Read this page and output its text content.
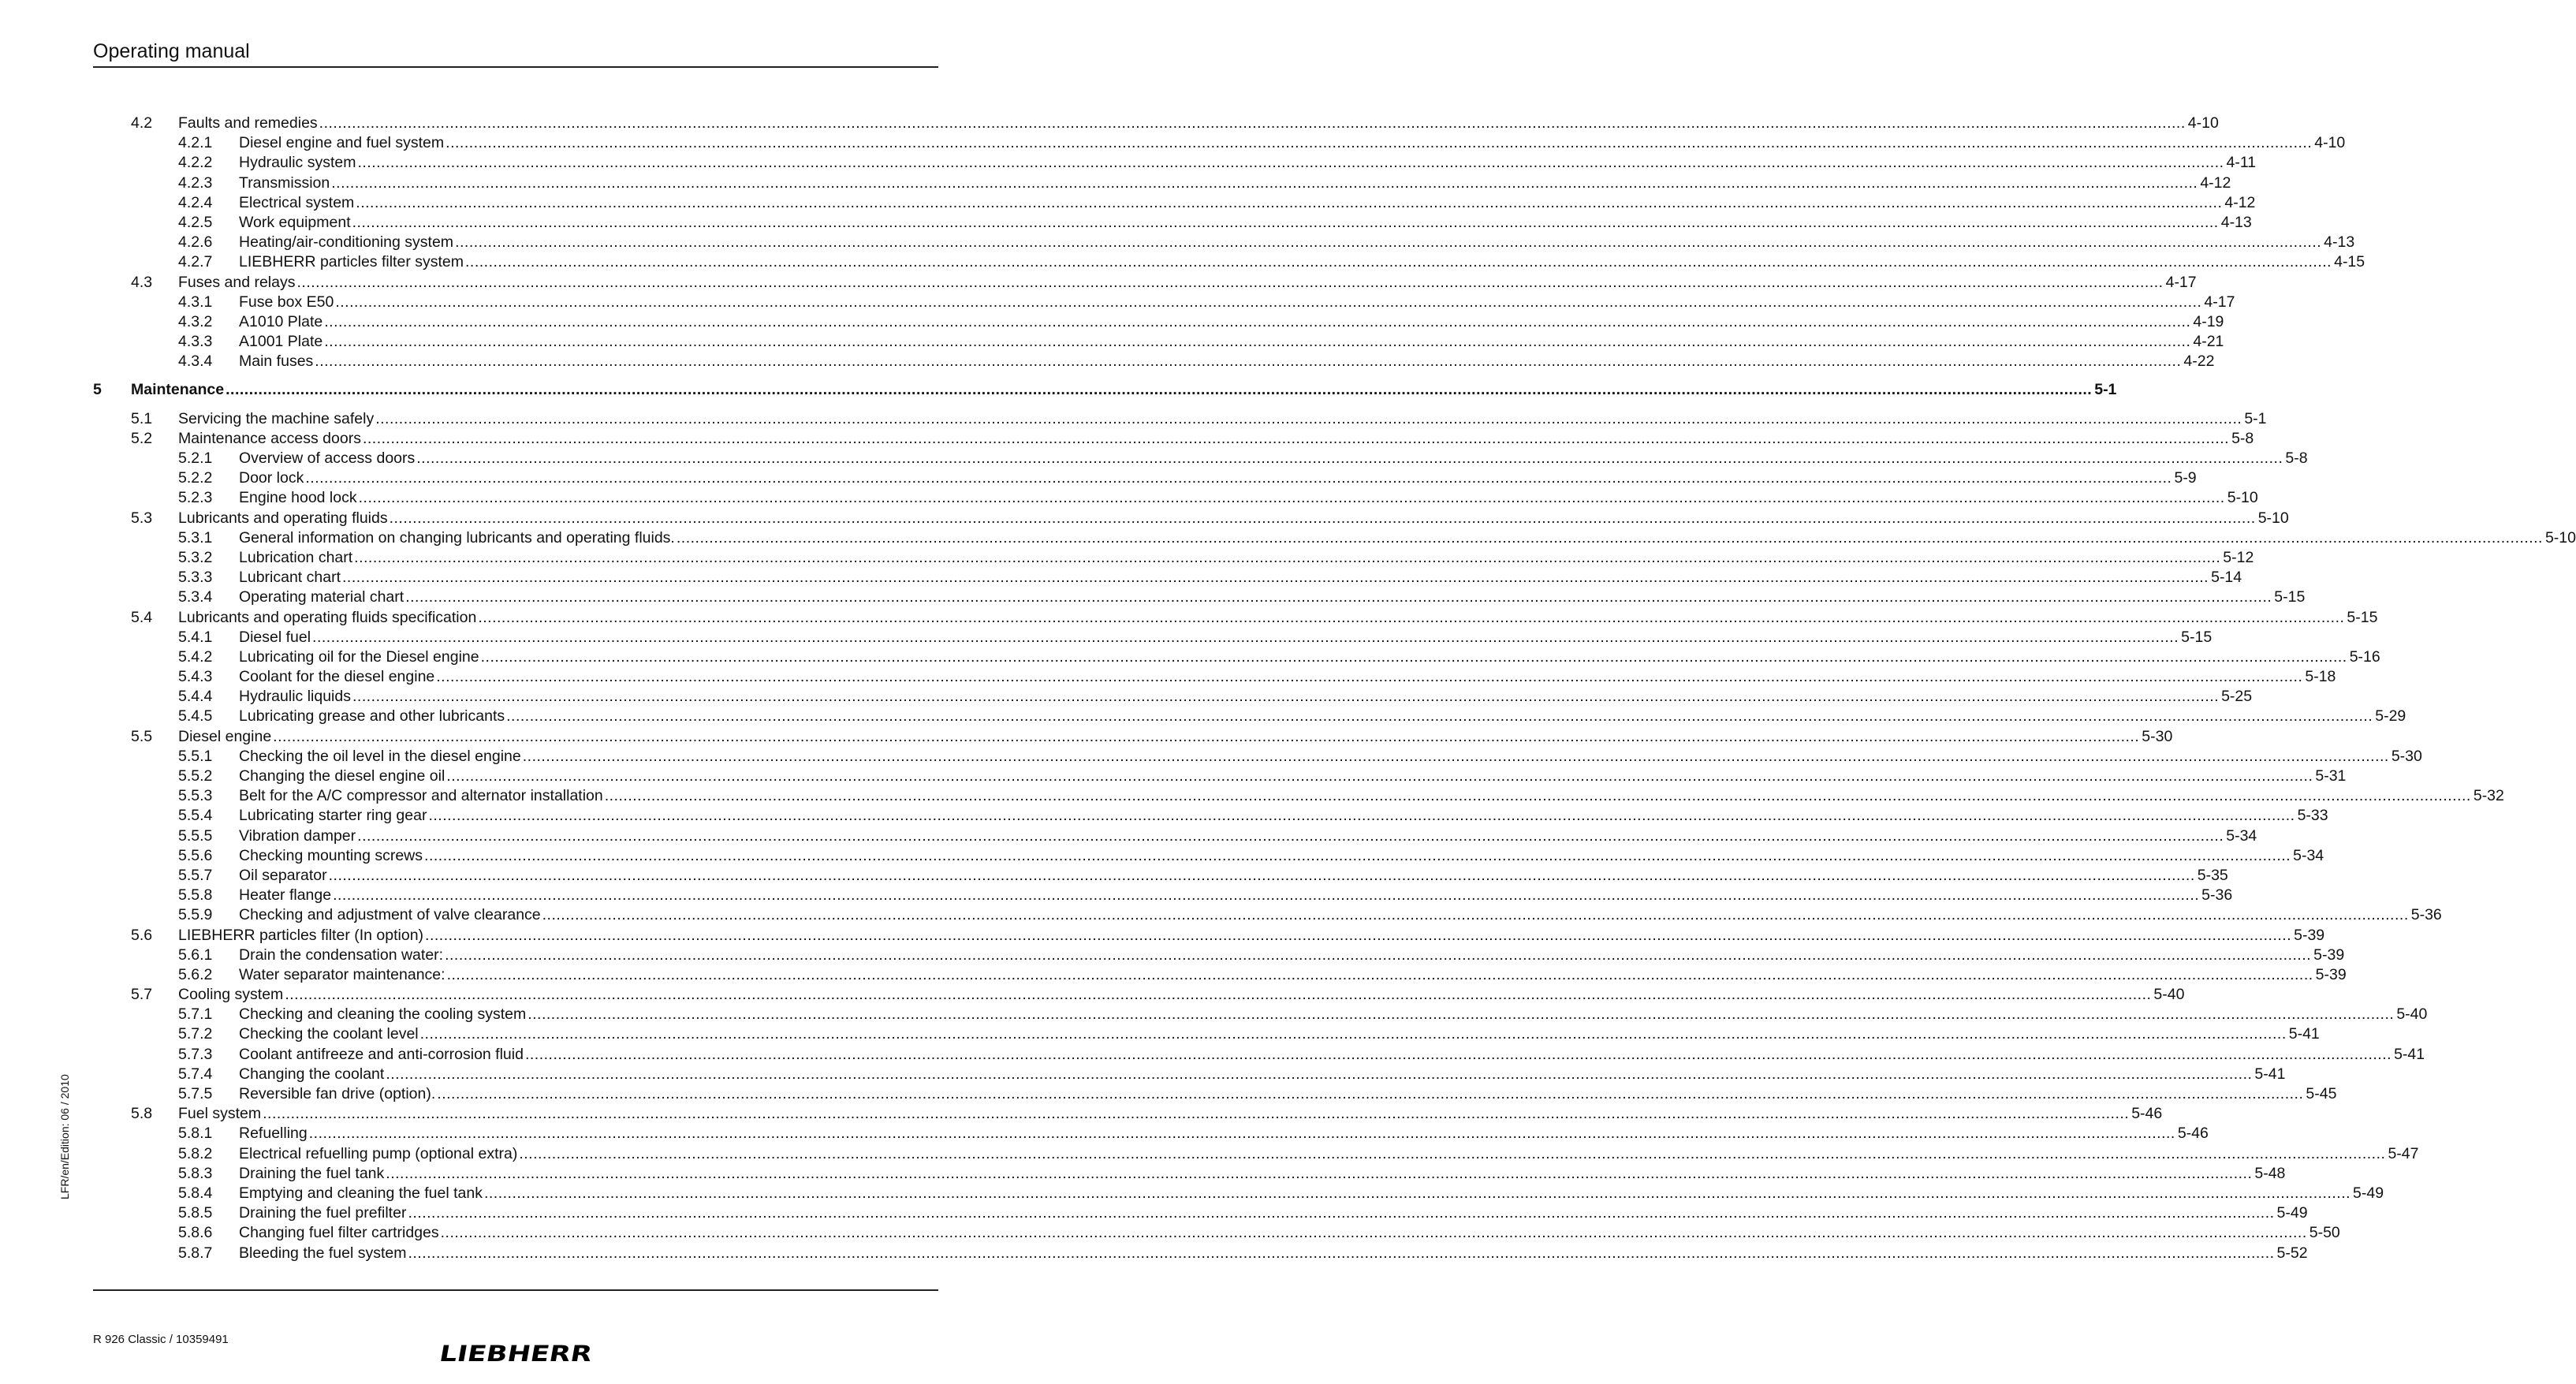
Operating manual
4.2 Faults and remedies ................................................................................................................................................................................................................................................................................................................................................................................................................ 4-10
4.2.1 Diesel engine and fuel system ................................................................................................................................................................................................................................................................................................................................................................................................................ 4-10
4.2.2 Hydraulic system ................................................................................................................................................................................................................................................................................................................................................................................................................ 4-11
4.2.3 Transmission ................................................................................................................................................................................................................................................................................................................................................................................................................ 4-12
4.2.4 Electrical system ................................................................................................................................................................................................................................................................................................................................................................................................................ 4-12
4.2.5 Work equipment ................................................................................................................................................................................................................................................................................................................................................................................................................ 4-13
4.2.6 Heating/air-conditioning system ................................................................................................................................................................................................................................................................................................................................................................................................................ 4-13
4.2.7 LIEBHERR particles filter system ................................................................................................................................................................................................................................................................................................................................................................................................................ 4-15
4.3 Fuses and relays ................................................................................................................................................................................................................................................................................................................................................................................................................ 4-17
4.3.1 Fuse box E50 ................................................................................................................................................................................................................................................................................................................................................................................................................ 4-17
4.3.2 A1010 Plate ................................................................................................................................................................................................................................................................................................................................................................................................................ 4-19
4.3.3 A1001 Plate ................................................................................................................................................................................................................................................................................................................................................................................................................ 4-21
4.3.4 Main fuses ................................................................................................................................................................................................................................................................................................................................................................................................................ 4-22
5 Maintenance ................................................................................................................................................................................................................................................................................................................................................................................................................ 5-1
5.1 Servicing the machine safely ................................................................................................................................................................................................................................................................................................................................................................................................................ 5-1
5.2 Maintenance access doors ................................................................................................................................................................................................................................................................................................................................................................................................................ 5-8
5.2.1 Overview of access doors ................................................................................................................................................................................................................................................................................................................................................................................................................ 5-8
5.2.2 Door lock ................................................................................................................................................................................................................................................................................................................................................................................................................ 5-9
5.2.3 Engine hood lock ................................................................................................................................................................................................................................................................................................................................................................................................................ 5-10
5.3 Lubricants and operating fluids ................................................................................................................................................................................................................................................................................................................................................................................................................ 5-10
5.3.1 General information on changing lubricants and operating fluids. ................................................................................................................................................................................................................................................................................................................................................................................................................ 5-10
5.3.2 Lubrication chart ................................................................................................................................................................................................................................................................................................................................................................................................................ 5-12
5.3.3 Lubricant chart ................................................................................................................................................................................................................................................................................................................................................................................................................ 5-14
5.3.4 Operating material chart ................................................................................................................................................................................................................................................................................................................................................................................................................ 5-15
5.4 Lubricants and operating fluids specification ................................................................................................................................................................................................................................................................................................................................................................................................................ 5-15
5.4.1 Diesel fuel ................................................................................................................................................................................................................................................................................................................................................................................................................ 5-15
5.4.2 Lubricating oil for the Diesel engine ................................................................................................................................................................................................................................................................................................................................................................................................................ 5-16
5.4.3 Coolant for the diesel engine ................................................................................................................................................................................................................................................................................................................................................................................................................ 5-18
5.4.4 Hydraulic liquids ................................................................................................................................................................................................................................................................................................................................................................................................................ 5-25
5.4.5 Lubricating grease and other lubricants ................................................................................................................................................................................................................................................................................................................................................................................................................ 5-29
5.5 Diesel engine ................................................................................................................................................................................................................................................................................................................................................................................................................ 5-30
5.5.1 Checking the oil level in the diesel engine ................................................................................................................................................................................................................................................................................................................................................................................................................ 5-30
5.5.2 Changing the diesel engine oil ................................................................................................................................................................................................................................................................................................................................................................................................................ 5-31
5.5.3 Belt for the A/C compressor and alternator installation ................................................................................................................................................................................................................................................................................................................................................................................................................ 5-32
5.5.4 Lubricating starter ring gear ................................................................................................................................................................................................................................................................................................................................................................................................................ 5-33
5.5.5 Vibration damper ................................................................................................................................................................................................................................................................................................................................................................................................................ 5-34
5.5.6 Checking mounting screws ................................................................................................................................................................................................................................................................................................................................................................................................................ 5-34
5.5.7 Oil separator ................................................................................................................................................................................................................................................................................................................................................................................................................ 5-35
5.5.8 Heater flange ................................................................................................................................................................................................................................................................................................................................................................................................................ 5-36
5.5.9 Checking and adjustment of valve clearance ................................................................................................................................................................................................................................................................................................................................................................................................................ 5-36
5.6 LIEBHERR particles filter (In option) ................................................................................................................................................................................................................................................................................................................................................................................................................ 5-39
5.6.1 Drain the condensation water: ................................................................................................................................................................................................................................................................................................................................................................................................................ 5-39
5.6.2 Water separator maintenance: ................................................................................................................................................................................................................................................................................................................................................................................................................ 5-39
5.7 Cooling system ................................................................................................................................................................................................................................................................................................................................................................................................................ 5-40
5.7.1 Checking and cleaning the cooling system ................................................................................................................................................................................................................................................................................................................................................................................................................ 5-40
5.7.2 Checking the coolant level ................................................................................................................................................................................................................................................................................................................................................................................................................ 5-41
5.7.3 Coolant antifreeze and anti-corrosion fluid ................................................................................................................................................................................................................................................................................................................................................................................................................ 5-41
5.7.4 Changing the coolant ................................................................................................................................................................................................................................................................................................................................................................................................................ 5-41
5.7.5 Reversible fan drive (option). ................................................................................................................................................................................................................................................................................................................................................................................................................ 5-45
5.8 Fuel system ................................................................................................................................................................................................................................................................................................................................................................................................................ 5-46
5.8.1 Refuelling ................................................................................................................................................................................................................................................................................................................................................................................................................ 5-46
5.8.2 Electrical refuelling pump (optional extra) ................................................................................................................................................................................................................................................................................................................................................................................................................ 5-47
5.8.3 Draining the fuel tank ................................................................................................................................................................................................................................................................................................................................................................................................................ 5-48
5.8.4 Emptying and cleaning the fuel tank ................................................................................................................................................................................................................................................................................................................................................................................................................ 5-49
5.8.5 Draining the fuel prefilter ................................................................................................................................................................................................................................................................................................................................................................................................................ 5-49
5.8.6 Changing fuel filter cartridges ................................................................................................................................................................................................................................................................................................................................................................................................................ 5-50
5.8.7 Bleeding the fuel system ................................................................................................................................................................................................................................................................................................................................................................................................................ 5-52
LFR/en/Edition: 06 / 2010
R 926 Classic / 10359491
LIEBHERR
